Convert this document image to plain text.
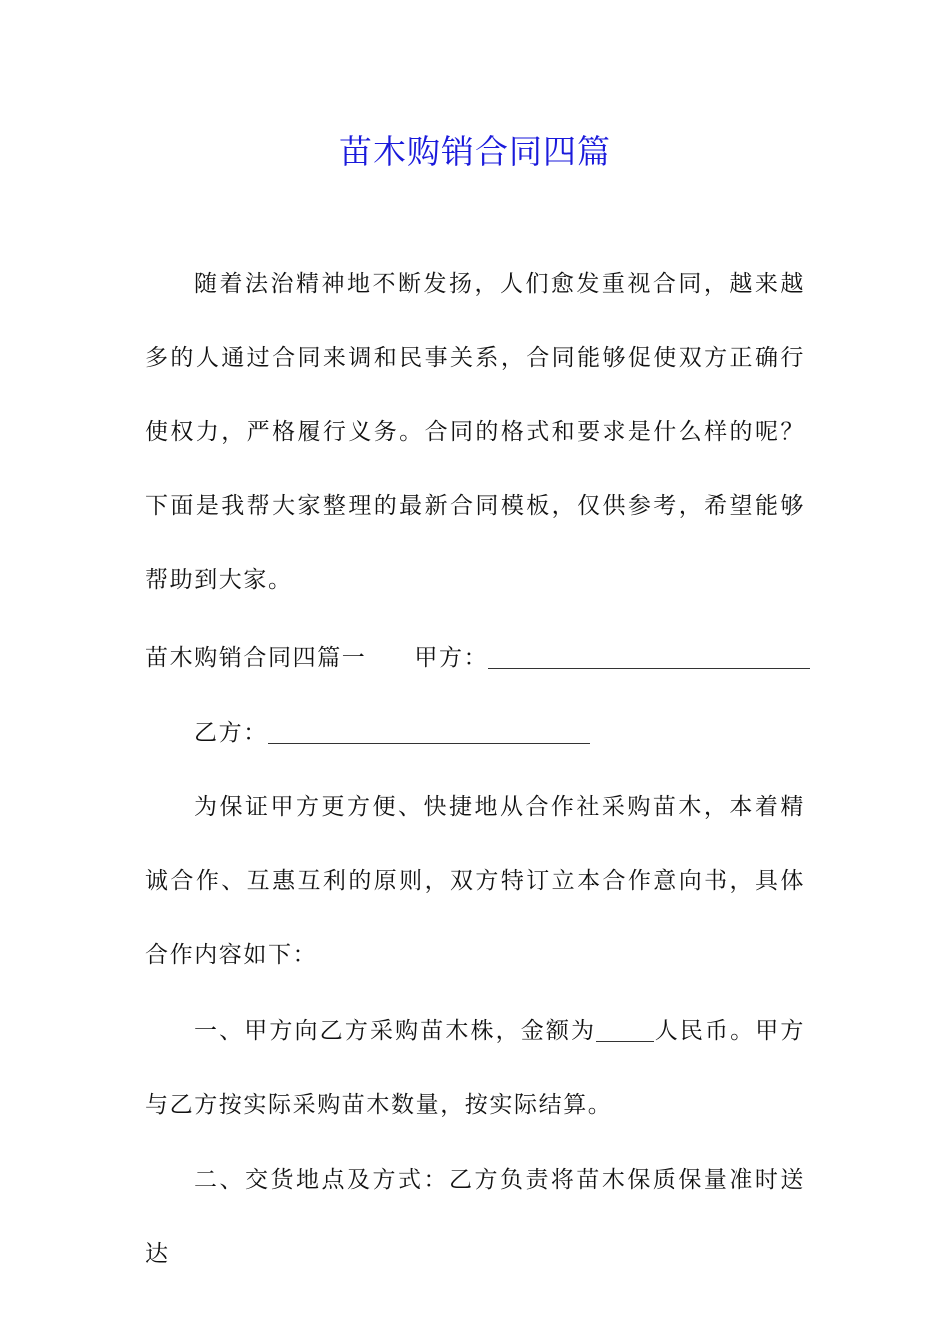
苗木购销合同四篇
随着法治精神地不断发扬，人们愈发重视合同，越来越多的人通过合同来调和民事关系，合同能够促使双方正确行使权力，严格履行义务。合同的格式和要求是什么样的呢？下面是我帮大家整理的最新合同模板，仅供参考，希望能够帮助到大家。
苗木购销合同四篇一 甲方：
乙方：
为保证甲方更方便、快捷地从合作社采购苗木，本着精诚合作、互惠互利的原则，双方特订立本合作意向书，具体合作内容如下：
一、甲方向乙方采购苗木株，金额为	人民币。甲方与乙方按实际采购苗木数量，按实际结算。
二、交货地点及方式：乙方负责将苗木保质保量准时送达
